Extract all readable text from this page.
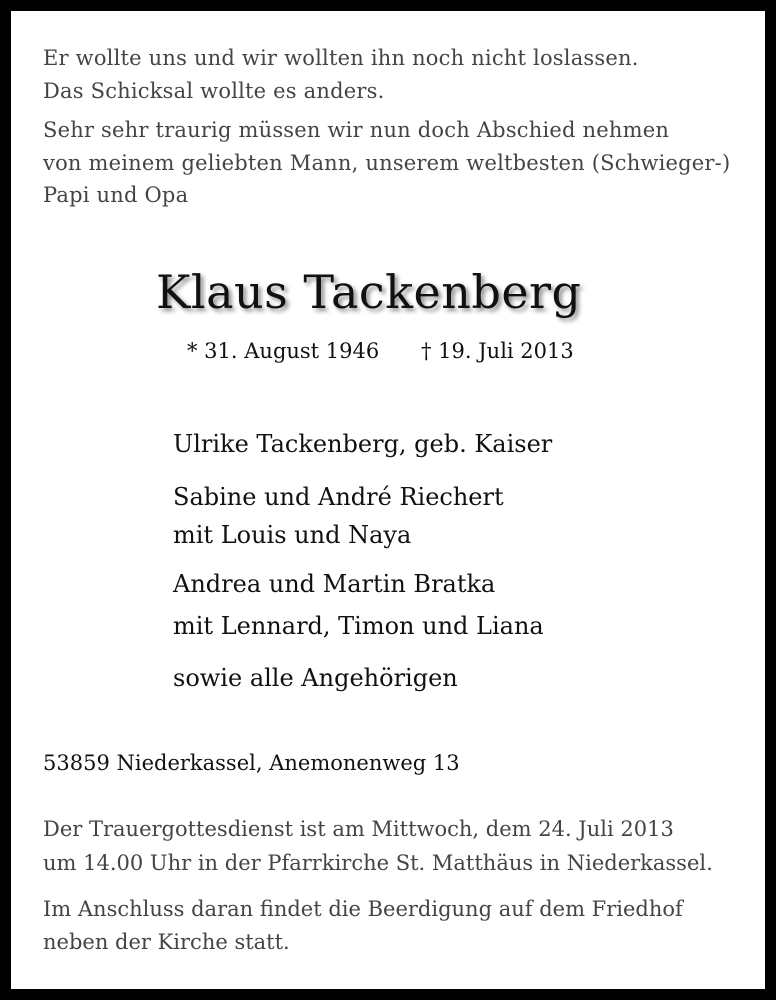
Er wollte uns und wir wollten ihn noch nicht loslassen.
Das Schicksal wollte es anders.
Sehr sehr traurig müssen wir nun doch Abschied nehmen
von meinem geliebten Mann, unserem weltbesten (Schwieger-)
Papi und Opa
Klaus Tackenberg
* 31. August 1946 † 19. Juli 2013
Ulrike Tackenberg, geb. Kaiser
Sabine und André Riechert
mit Louis und Naya
Andrea und Martin Bratka
mit Lennard, Timon und Liana
sowie alle Angehörigen
53859 Niederkassel, Anemonenweg 13
Der Trauergottesdienst ist am Mittwoch, dem 24. Juli 2013
um 14.00 Uhr in der Pfarrkirche St. Matthäus in Niederkassel.
Im Anschluss daran findet die Beerdigung auf dem Friedhof
neben der Kirche statt.
